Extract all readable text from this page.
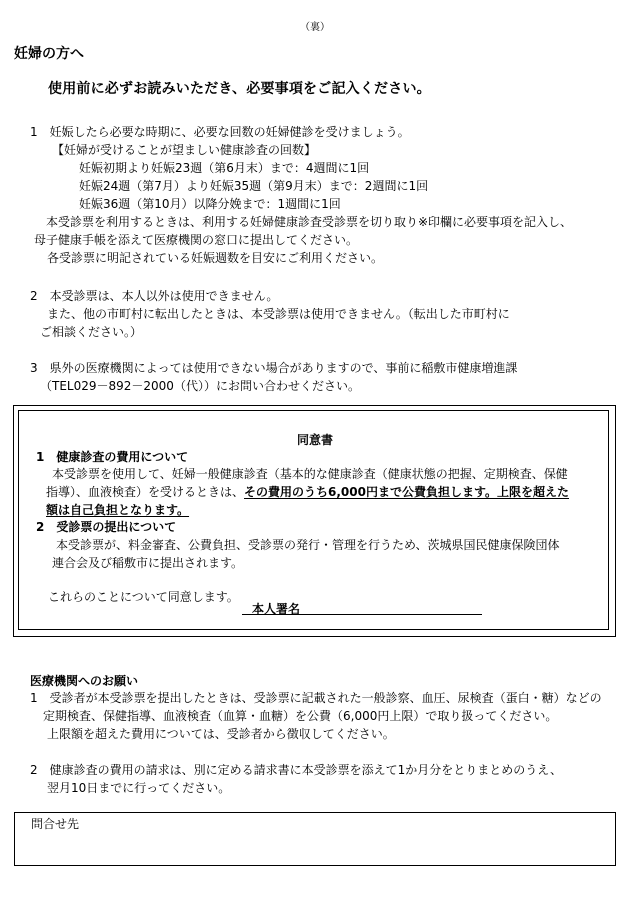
（裏）
妊婦の方へ
使用前に必ずお読みいただき、必要事項をご記入ください。
1　妊娠したら必要な時期に、必要な回数の妊婦健診を受けましょう。
【妊婦が受けることが望ましい健康診査の回数】
妊娠初期より妊娠23週（第6月末）まで：4週間に1回
妊娠24週（第7月）より妊娠35週（第9月末）まで：2週間に1回
妊娠36週（第10月）以降分娩まで：1週間に1回
本受診票を利用するときは、利用する妊婦健康診査受診票を切り取り※印欄に必要事項を記入し、
母子健康手帳を添えて医療機関の窓口に提出してください。
各受診票に明記されている妊娠週数を目安にご利用ください。
2　本受診票は、本人以外は使用できません。
また、他の市町村に転出したときは、本受診票は使用できません。（転出した市町村に
ご相談ください。）
3　県外の医療機関によっては使用できない場合がありますので、事前に稲敷市健康増進課
（TEL029－892－2000（代））にお問い合わせください。
同意書
1　健康診査の費用について
本受診票を使用して、妊婦一般健康診査（基本的な健康診査（健康状態の把握、定期検査、保健
指導）、血液検査）を受けるときは、その費用のうち6,000円まで公費負担します。上限を超えた
額は自己負担となります。
2　受診票の提出について
本受診票が、料金審査、公費負担、受診票の発行・管理を行うため、茨城県国民健康保険団体
連合会及び稲敷市に提出されます。
これらのことについて同意します。
本人署名
医療機関へのお願い
1　受診者が本受診票を提出したときは、受診票に記載された一般診察、血圧、尿検査（蛋白・糖）などの
定期検査、保健指導、血液検査（血算・血糖）を公費（6,000円上限）で取り扱ってください。
上限額を超えた費用については、受診者から徴収してください。
2　健康診査の費用の請求は、別に定める請求書に本受診票を添えて1か月分をとりまとめのうえ、
翌月10日までに行ってください。
問合せ先
